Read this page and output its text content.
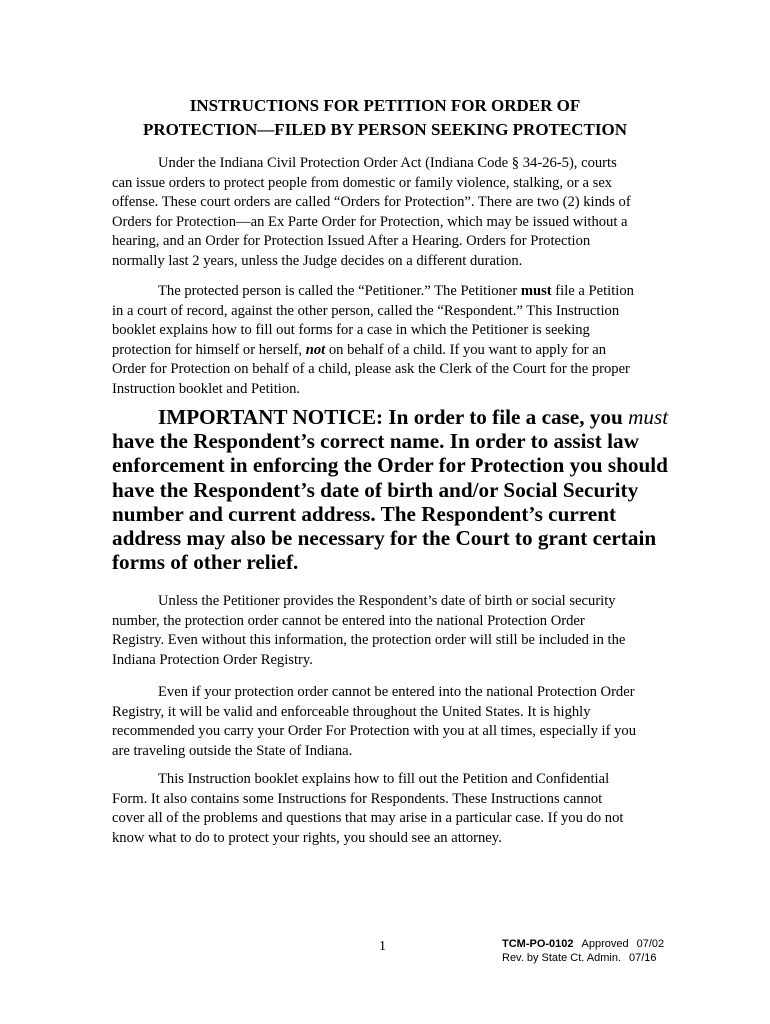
INSTRUCTIONS FOR PETITION FOR ORDER OF
PROTECTION—FILED BY PERSON SEEKING PROTECTION

Under the Indiana Civil Protection Order Act (Indiana Code § 34-26-5), courts
can issue orders to protect people from domestic or family violence, stalking, or a sex
offense. These court orders are called “Orders for Protection”. There are two (2) kinds of
Orders for Protection—an Ex Parte Order for Protection, which may be issued without a
hearing, and an Order for Protection Issued After a Hearing. Orders for Protection
normally last 2 years, unless the Judge decides on a different duration.

The protected person is called the “Petitioner.” The Petitioner must file a Petition
in a court of record, against the other person, called the “Respondent.” This Instruction
booklet explains how to fill out forms for a case in which the Petitioner is seeking
protection for himself or herself, not on behalf of a child. If you want to apply for an
Order for Protection on behalf of a child, please ask the Clerk of the Court for the proper
Instruction booklet and Petition.

IMPORTANT NOTICE: In order to file a case, you must
have the Respondent’s correct name. In order to assist law
enforcement in enforcing the Order for Protection you should
have the Respondent’s date of birth and/or Social Security
number and current address. The Respondent’s current
address may also be necessary for the Court to grant certain
forms of other relief.

Unless the Petitioner provides the Respondent’s date of birth or social security
number, the protection order cannot be entered into the national Protection Order
Registry. Even without this information, the protection order will still be included in the
Indiana Protection Order Registry.

Even if your protection order cannot be entered into the national Protection Order
Registry, it will be valid and enforceable throughout the United States. It is highly
recommended you carry your Order For Protection with you at all times, especially if you
are traveling outside the State of Indiana.

This Instruction booklet explains how to fill out the Petition and Confidential
Form. It also contains some Instructions for Respondents. These Instructions cannot
cover all of the problems and questions that may arise in a particular case. If you do not
know what to do to protect your rights, you should see an attorney.

1	TCM-PO-0102 Approved 07/02
Rev. by State Ct. Admin. 07/16
